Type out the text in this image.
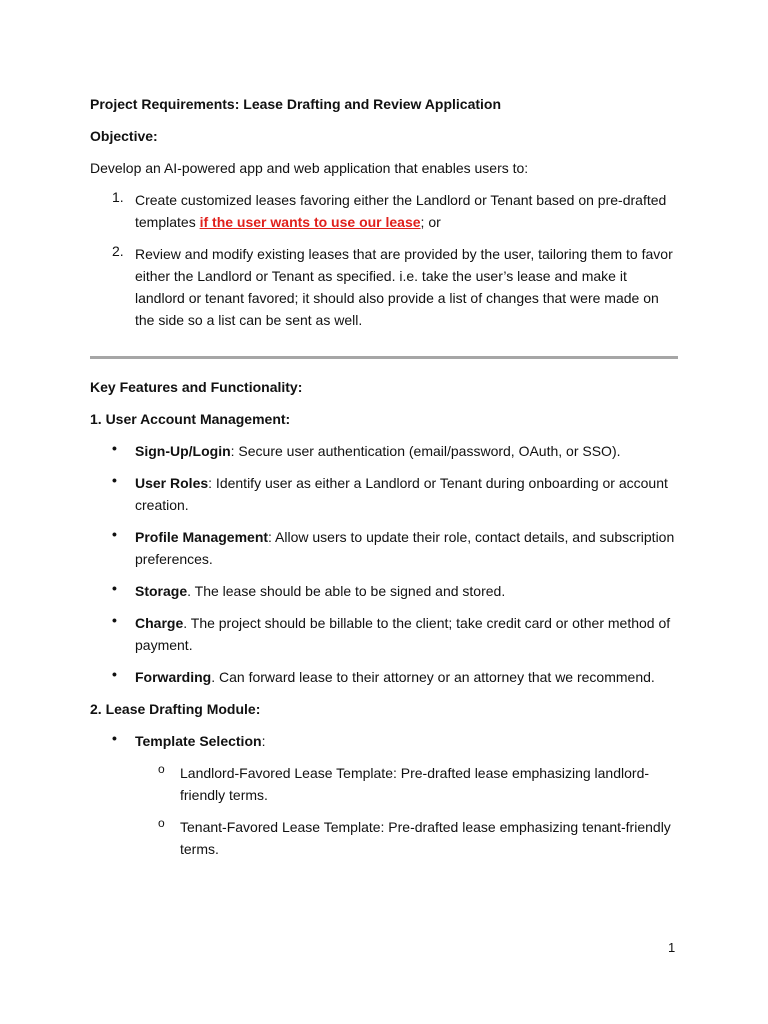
Project Requirements: Lease Drafting and Review Application

Objective:

Develop an AI-powered app and web application that enables users to:

1. Create customized leases favoring either the Landlord or Tenant based on pre-drafted templates if the user wants to use our lease; or

2. Review and modify existing leases that are provided by the user, tailoring them to favor either the Landlord or Tenant as specified. i.e. take the user’s lease and make it landlord or tenant favored; it should also provide a list of changes that were made on the side so a list can be sent as well.

Key Features and Functionality:

1. User Account Management:

• Sign-Up/Login: Secure user authentication (email/password, OAuth, or SSO).

• User Roles: Identify user as either a Landlord or Tenant during onboarding or account creation.

• Profile Management: Allow users to update their role, contact details, and subscription preferences.

• Storage. The lease should be able to be signed and stored.

• Charge. The project should be billable to the client; take credit card or other method of payment.

• Forwarding. Can forward lease to their attorney or an attorney that we recommend.

2. Lease Drafting Module:

• Template Selection:

o Landlord-Favored Lease Template: Pre-drafted lease emphasizing landlord-friendly terms.

o Tenant-Favored Lease Template: Pre-drafted lease emphasizing tenant-friendly terms.

1
